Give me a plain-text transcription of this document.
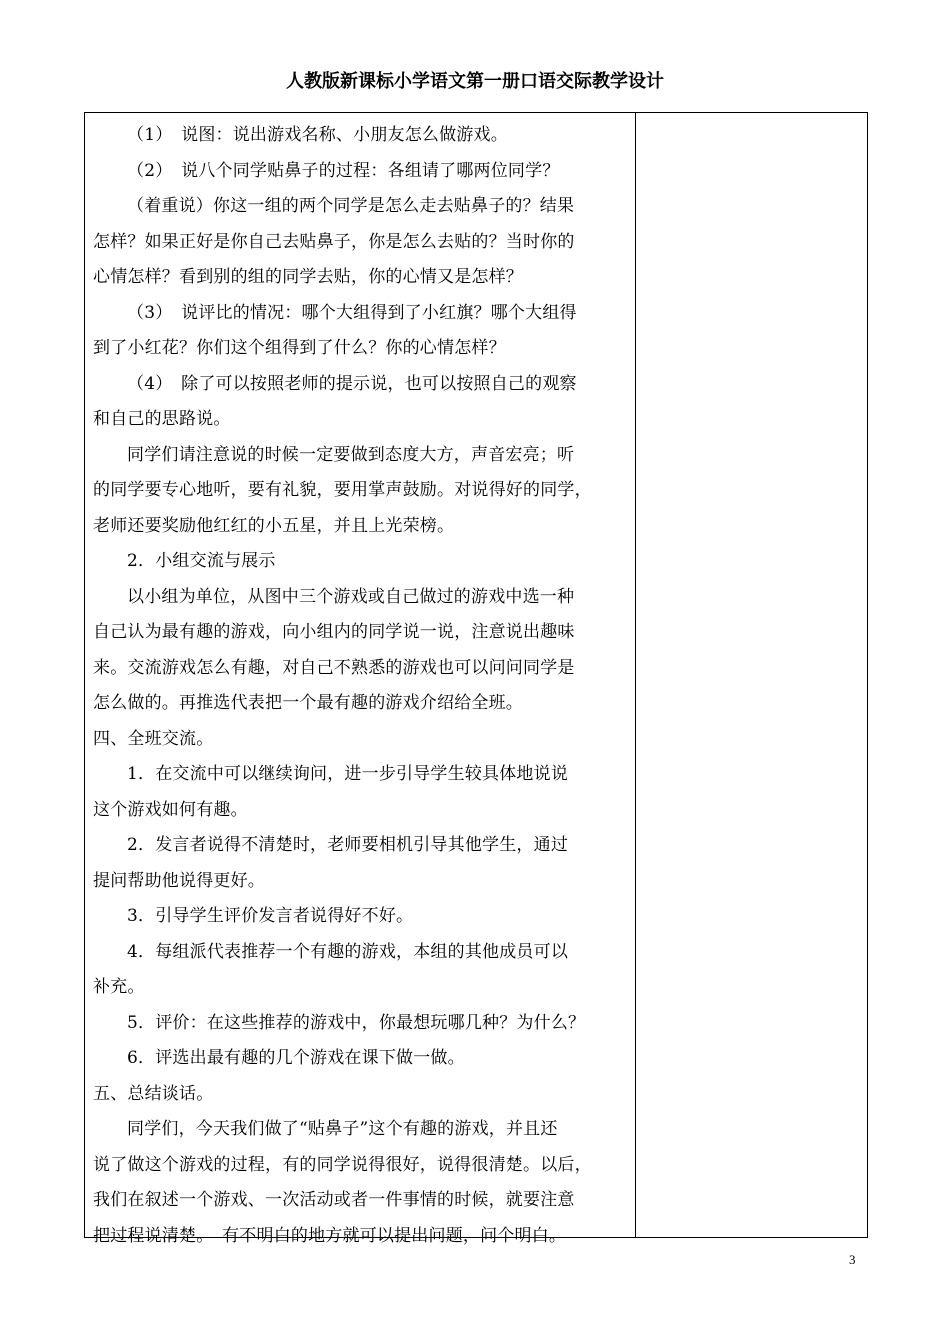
人教版新课标小学语文第一册口语交际教学设计
（1）　说图：说出游戏名称、小朋友怎么做游戏。
（2）　说八个同学贴鼻子的过程：各组请了哪两位同学？
（着重说）你这一组的两个同学是怎么走去贴鼻子的？结果
怎样？如果正好是你自己去贴鼻子，你是怎么去贴的？当时你的
心情怎样？看到别的组的同学去贴，你的心情又是怎样？
（3）　说评比的情况：哪个大组得到了小红旗？哪个大组得
到了小红花？你们这个组得到了什么？你的心情怎样？
（4）　除了可以按照老师的提示说，也可以按照自己的观察
和自己的思路说。
同学们请注意说的时候一定要做到态度大方，声音宏亮；听
的同学要专心地听，要有礼貌，要用掌声鼓励。对说得好的同学，
老师还要奖励他红红的小五星，并且上光荣榜。
2．小组交流与展示
以小组为单位，从图中三个游戏或自己做过的游戏中选一种
自己认为最有趣的游戏，向小组内的同学说一说，注意说出趣味
来。交流游戏怎么有趣，对自己不熟悉的游戏也可以问问同学是
怎么做的。再推选代表把一个最有趣的游戏介绍给全班。
四、全班交流。
1．在交流中可以继续询问，进一步引导学生较具体地说说
这个游戏如何有趣。
2．发言者说得不清楚时，老师要相机引导其他学生，通过
提问帮助他说得更好。
3．引导学生评价发言者说得好不好。
4．每组派代表推荐一个有趣的游戏，本组的其他成员可以
补充。
5．评价：在这些推荐的游戏中，你最想玩哪几种？为什么？
6．评选出最有趣的几个游戏在课下做一做。
五、总结谈话。
同学们，今天我们做了“贴鼻子”这个有趣的游戏，并且还
说了做这个游戏的过程，有的同学说得很好，说得很清楚。以后，
我们在叙述一个游戏、一次活动或者一件事情的时候，就要注意
把过程说清楚。　有不明白的地方就可以提出问题，问个明白。
3
